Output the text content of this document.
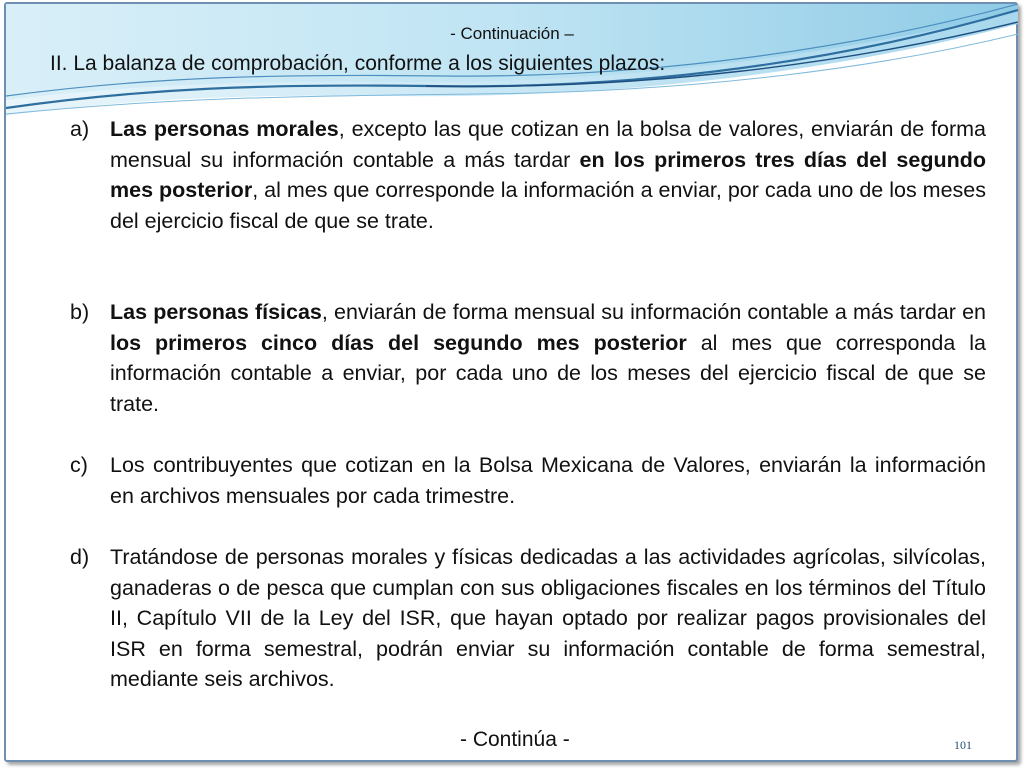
- Continuación –
II. La balanza de comprobación, conforme a los siguientes plazos:
a) Las personas morales, excepto las que cotizan en la bolsa de valores, enviarán de forma mensual su información contable a más tardar en los primeros tres días del segundo mes posterior, al mes que corresponde la información a enviar, por cada uno de los meses del ejercicio fiscal de que se trate.
b) Las personas físicas, enviarán de forma mensual su información contable a más tardar en los primeros cinco días del segundo mes posterior al mes que corresponda la información contable a enviar, por cada uno de los meses del ejercicio fiscal de que se trate.
c) Los contribuyentes que cotizan en la Bolsa Mexicana de Valores, enviarán la información en archivos mensuales por cada trimestre.
d) Tratándose de personas morales y físicas dedicadas a las actividades agrícolas, silvícolas, ganaderas o de pesca que cumplan con sus obligaciones fiscales en los términos del Título II, Capítulo VII de la Ley del ISR, que hayan optado por realizar pagos provisionales del ISR en forma semestral, podrán enviar su información contable de forma semestral, mediante seis archivos.
- Continúa -	101
